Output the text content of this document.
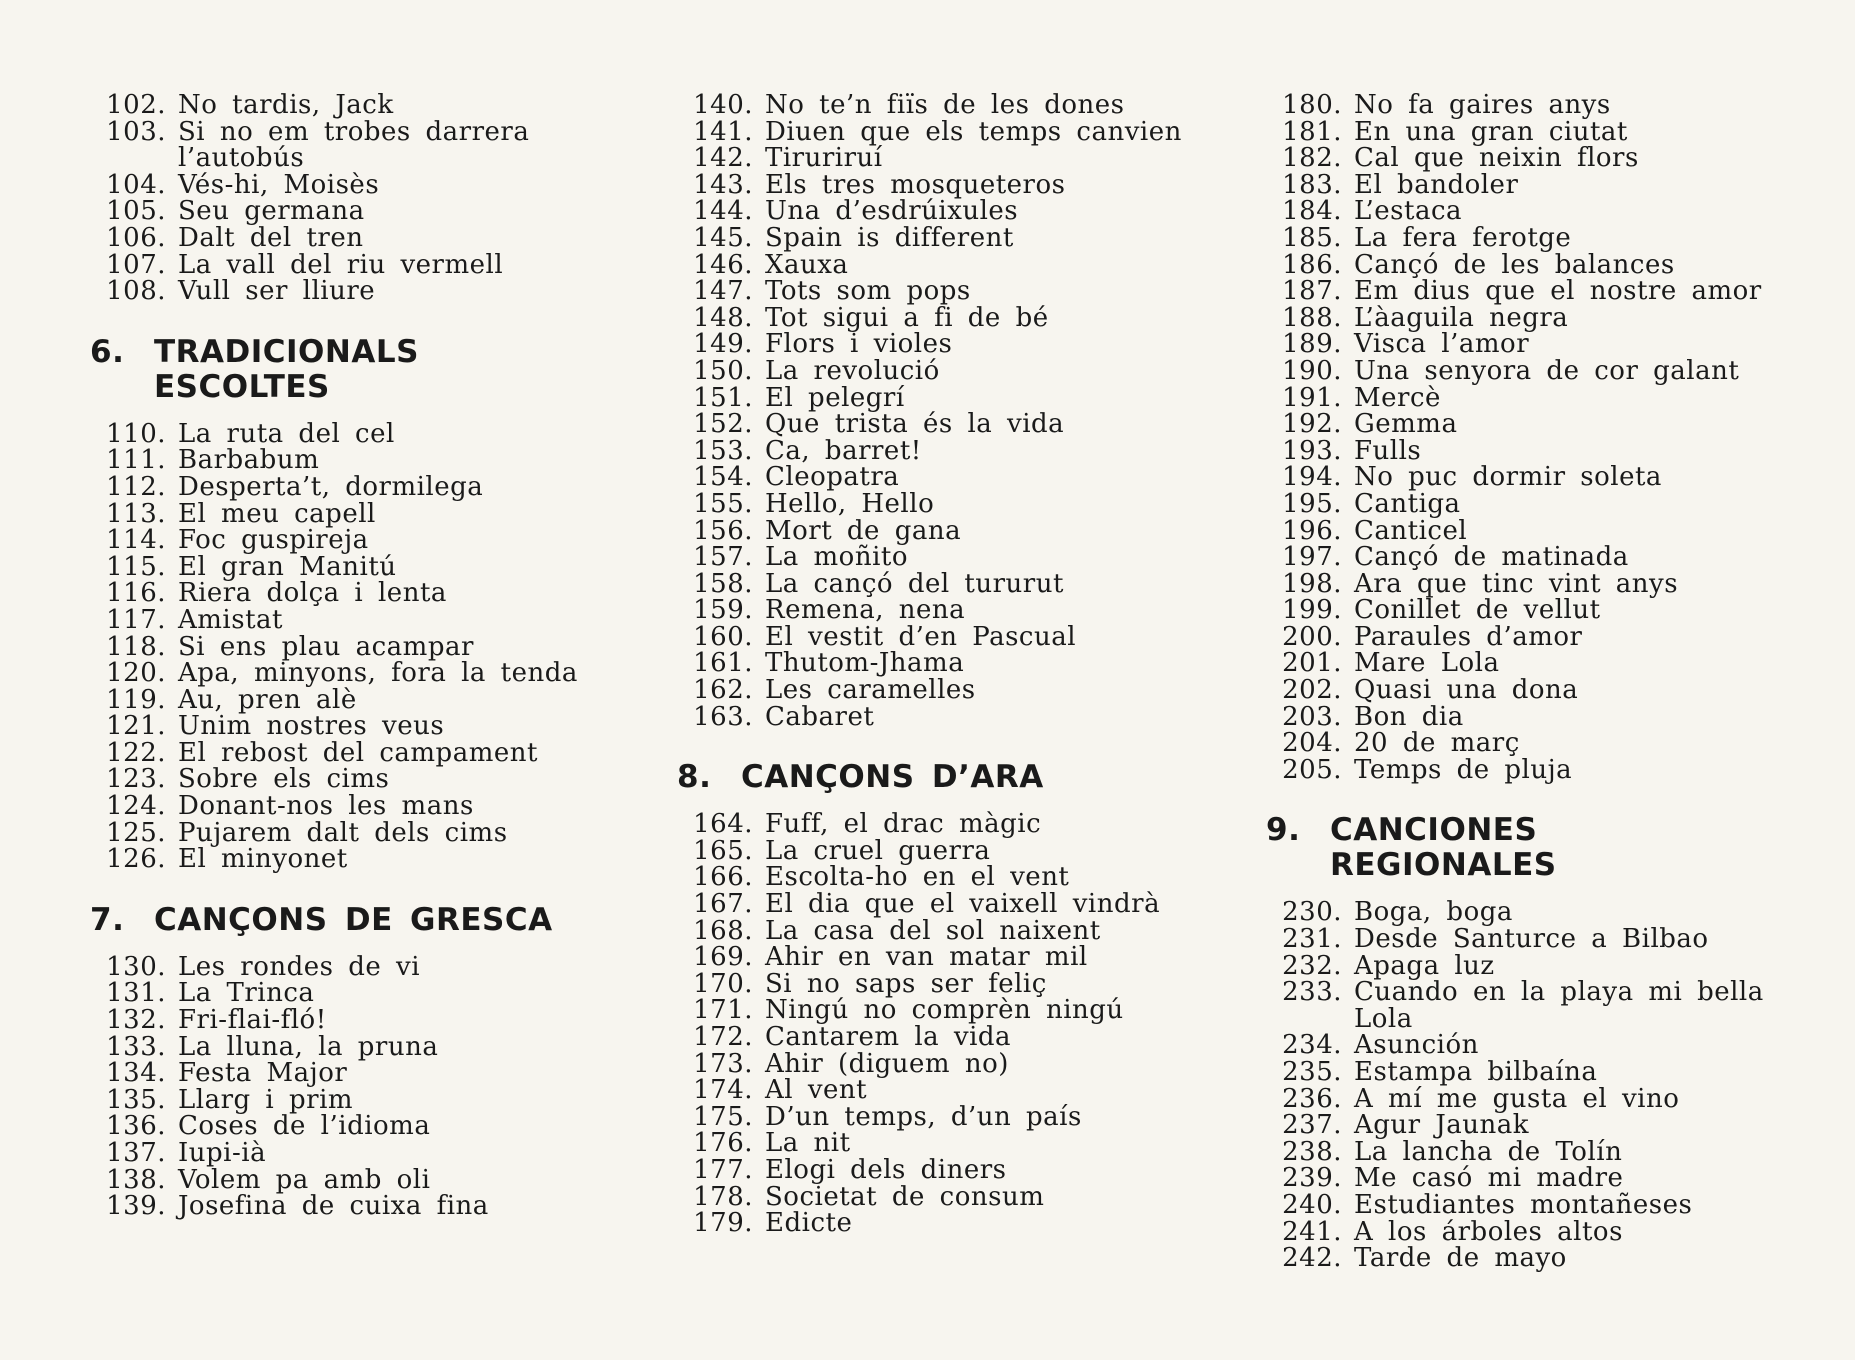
102. No tardis, Jack
103. Si no em trobes darrera l’autobús
104. Vés-hi, Moisès
105. Seu germana
106. Dalt del tren
107. La vall del riu vermell
108. Vull ser lliure
6. TRADICIONALS ESCOLTES
110. La ruta del cel
111. Barbabum
112. Desperta’t, dormilega
113. El meu capell
114. Foc guspireja
115. El gran Manitú
116. Riera dolça i lenta
117. Amistat
118. Si ens plau acampar
120. Apa, minyons, fora la tenda
119. Au, pren alè
121. Unim nostres veus
122. El rebost del campament
123. Sobre els cims
124. Donant-nos les mans
125. Pujarem dalt dels cims
126. El minyonet
7. CANÇONS DE GRESCA
130. Les rondes de vi
131. La Trinca
132. Fri-flai-fló!
133. La lluna, la pruna
134. Festa Major
135. Llarg i prim
136. Coses de l’idioma
137. Iupi-ià
138. Volem pa amb oli
139. Josefina de cuixa fina
140. No te’n fiïs de les dones
141. Diuen que els temps canvien
142. Tiruriruí
143. Els tres mosqueteros
144. Una d’esdrúixules
145. Spain is different
146. Xauxa
147. Tots som pops
148. Tot sigui a fi de bé
149. Flors i violes
150. La revolució
151. El pelegrí
152. Que trista és la vida
153. Ca, barret!
154. Cleopatra
155. Hello, Hello
156. Mort de gana
157. La moñito
158. La cançó del tururut
159. Remena, nena
160. El vestit d’en Pascual
161. Thutom-Jhama
162. Les caramelles
163. Cabaret
8. CANÇONS D’ARA
164. Fuff, el drac màgic
165. La cruel guerra
166. Escolta-ho en el vent
167. El dia que el vaixell vindrà
168. La casa del sol naixent
169. Ahir en van matar mil
170. Si no saps ser feliç
171. Ningú no comprèn ningú
172. Cantarem la vida
173. Ahir (diguem no)
174. Al vent
175. D’un temps, d’un país
176. La nit
177. Elogi dels diners
178. Societat de consum
179. Edicte
180. No fa gaires anys
181. En una gran ciutat
182. Cal que neixin flors
183. El bandoler
184. L’estaca
185. La fera ferotge
186. Cançó de les balances
187. Em dius que el nostre amor
188. L’àaguila negra
189. Visca l’amor
190. Una senyora de cor galant
191. Mercè
192. Gemma
193. Fulls
194. No puc dormir soleta
195. Cantiga
196. Canticel
197. Cançó de matinada
198. Ara que tinc vint anys
199. Conillet de vellut
200. Paraules d’amor
201. Mare Lola
202. Quasi una dona
203. Bon dia
204. 20 de març
205. Temps de pluja
9. CANCIONES REGIONALES
230. Boga, boga
231. Desde Santurce a Bilbao
232. Apaga luz
233. Cuando en la playa mi bella Lola
234. Asunción
235. Estampa bilbaína
236. A mí me gusta el vino
237. Agur Jaunak
238. La lancha de Tolín
239. Me casó mi madre
240. Estudiantes montañeses
241. A los árboles altos
242. Tarde de mayo
